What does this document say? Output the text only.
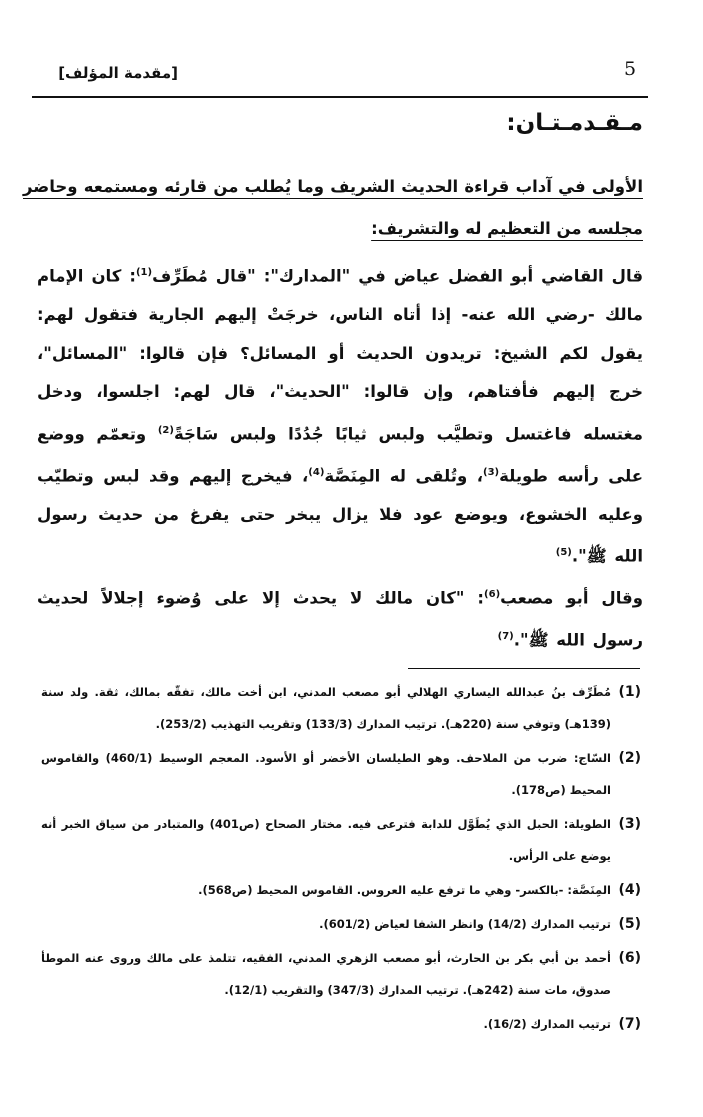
5
[مقدمة المؤلف]
مـقـدمـتـان:
الأولى في آداب قراءة الحديث الشريف وما يُطلب من قارئه ومستمعه وحاضر مجلسه من التعظيم له والتشريف:

قال القاضي أبو الفضل عياض في "المدارك": "قال مُطَرِّف$^{(1)}$: كان الإمام مالك -رضي الله عنه- إذا أتاه الناس، خرجَتْ إليهم الجارية فتقول لهم: يقول لكم الشيخ: تريدون الحديث أو المسائل؟ فإن قالوا: "المسائل"، خرج إليهم فأفتاهم، وإن قالوا: "الحديث"، قال لهم: اجلسوا، ودخل مغتسله فاغتسل وتطيَّب ولبس ثيابًا جُدُدًا ولبس سَاجَةً$^{(2)}$ وتعمّم ووضع على رأسه طويلة$^{(3)}$، وتُلقى له المِنَصَّة$^{(4)}$، فيخرج إليهم وقد لبس وتطيّب وعليه الخشوع، ويوضع عود فلا يزال يبخر حتى يفرغ من حديث رسول الله ﷺ".$^{(5)}$

وقال أبو مصعب$^{(6)}$: "كان مالك لا يحدث إلا على وُضوء إجلالاً لحديث رسول الله ﷺ".$^{(7)}$

(1)
مُطَرِّف بنُ عبدالله اليساري الهلالي أبو مصعب المدني، ابن أخت مالك، تفقّه بمالك، ثقة. ولد سنة (139هـ) وتوفي سنة (220هـ). ترتيب المدارك (133/3) وتقريب التهذيب (253/2).
(2)
السّاج: ضرب من الملاحف. وهو الطيلسان الأخضر أو الأسود. المعجم الوسيط (460/1) والقاموس المحيط (ص178).
(3)
الطويلة: الحبل الذي يُطَوَّل للدابة فترعى فيه. مختار الصحاح (ص401) والمتبادر من سياق الخبر أنه يوضع على الرأس.
(4)
المِنَصَّة: -بالكسر- وهي ما ترفع عليه العروس. القاموس المحيط (ص568).
(5)
ترتيب المدارك (14/2) وانظر الشفا لعياض (601/2).
(6)
أحمد بن أبي بكر بن الحارث، أبو مصعب الزهري المدني، الفقيه، تتلمذ على مالك وروى عنه الموطأ صدوق، مات سنة (242هـ). ترتيب المدارك (347/3) والتقريب (12/1).
(7)
ترتيب المدارك (16/2).
